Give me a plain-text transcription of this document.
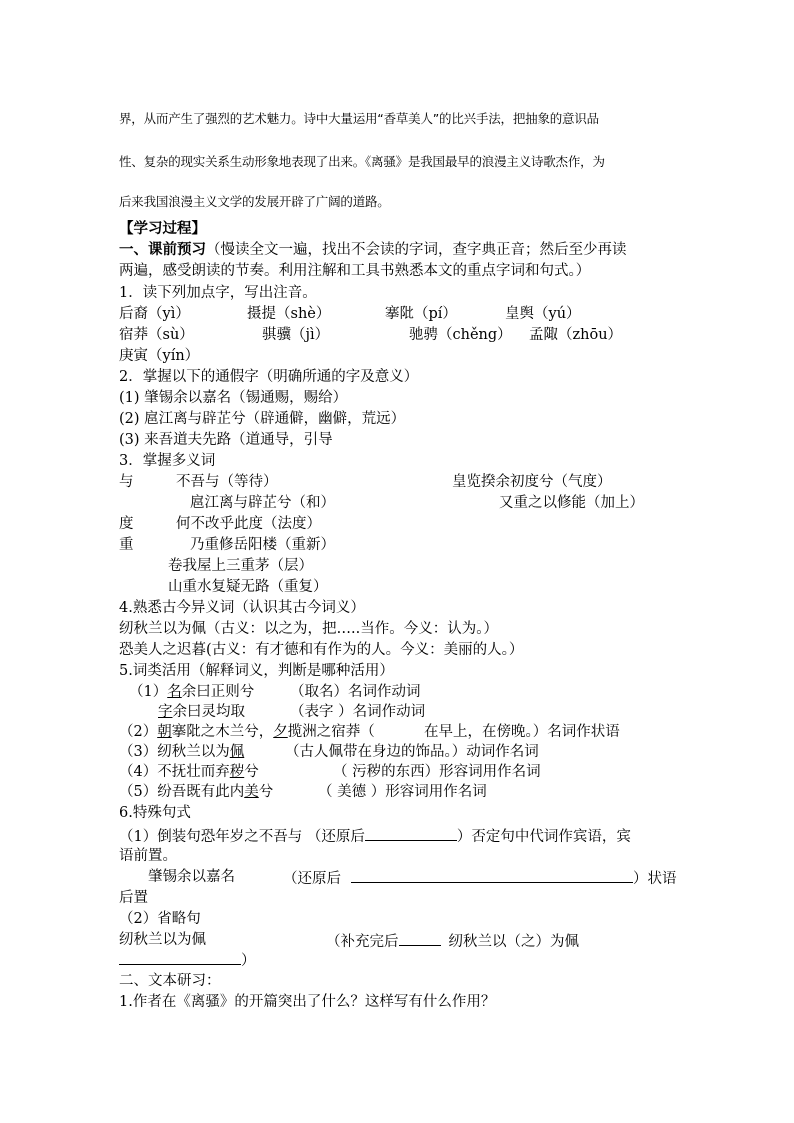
界，从而产生了强烈的艺术魅力。诗中大量运用“香草美人”的比兴手法，把抽象的意识品
性、复杂的现实关系生动形象地表现了出来。《离骚》是我国最早的浪漫主义诗歌杰作，为
后来我国浪漫主义文学的发展开辟了广阔的道路。
【学习过程】
一、课前预习（慢读全文一遍，找出不会读的字词，查字典正音；然后至少再读
两遍，感受朗读的节奏。利用注解和工具书熟悉本文的重点字词和句式。）
1．读下列加点字，写出注音。
后裔（yì）	摄提（shè）	搴阰（pí）	皇舆（yú）
宿莽（sù）	骐骥（jì）	驰骋（chěng） 孟陬（zhōu）
庚寅（yín）
2．掌握以下的通假字（明确所通的字及意义）
(1) 肇锡余以嘉名（锡通赐，赐给）
(2) 扈江离与辟芷兮（辟通僻，幽僻，荒远）
(3) 来吾道夫先路（道通导，引导
3．掌握多义词
与	不吾与（等待）	皇览揆余初度兮（气度）
扈江离与辟芷兮（和）	又重之以修能（加上）
度	何不改乎此度（法度）
重	乃重修岳阳楼（重新）
卷我屋上三重茅（层）
山重水复疑无路（重复）
4.熟悉古今异义词（认识其古今词义）
纫秋兰以为佩（古义：以之为，把…..当作。今义：认为。）
恐美人之迟暮(古义：有才德和有作为的人。今义：美丽的人。）
5.词类活用（解释词义，判断是哪种活用）
（1）名余曰正则兮 （取名）名词作动词
字余曰灵均取	（表字 ）名词作动词
（2）朝搴阰之木兰兮，夕揽洲之宿莽（	在早上，在傍晚。）名词作状语
（3）纫秋兰以为佩	（古人佩带在身边的饰品。）动词作名词
（4）不抚壮而弃秽兮	（ 污秽的东西）形容词用作名词
（5）纷吾既有此内美兮	（ 美德 ）形容词用作名词
6.特殊句式
（1）倒装句恐年岁之不吾与 （还原后	）否定句中代词作宾语，宾
语前置。
肇锡余以嘉名	（还原后	）状语
后置
（2）省略句
纫秋兰以为佩	（补充完后	纫秋兰以（之）为佩
）
二、文本研习：
1.作者在《离骚》的开篇突出了什么？这样写有什么作用？
